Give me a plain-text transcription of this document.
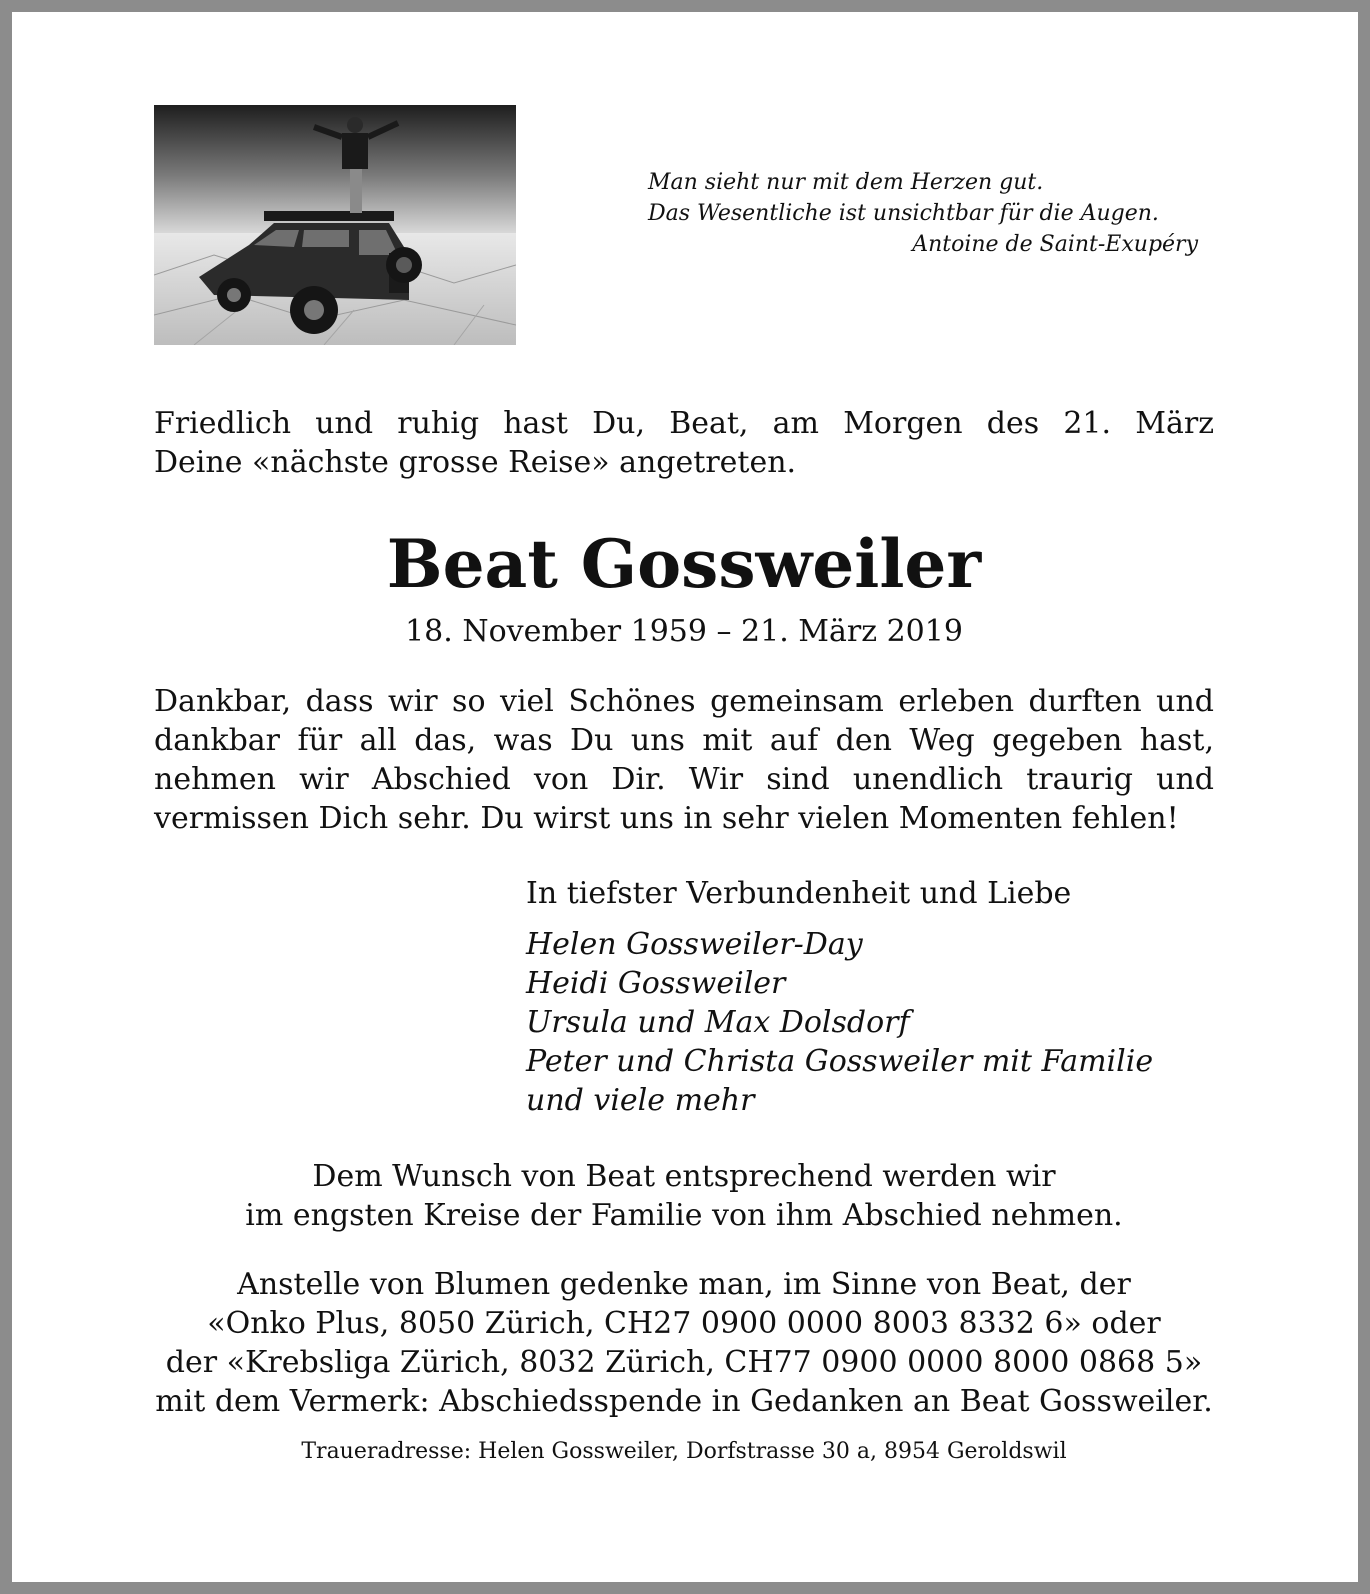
Man sieht nur mit dem Herzen gut.
Das Wesentliche ist unsichtbar für die Augen.
Antoine de Saint-Exupéry
Friedlich und ruhig hast Du, Beat, am Morgen des 21. März
Deine «nächste grosse Reise» angetreten.
Beat Gossweiler
18. November 1959 – 21. März 2019
Dankbar, dass wir so viel Schönes gemeinsam erleben durften und dankbar für all das, was Du uns mit auf den Weg gegeben hast, nehmen wir Abschied von Dir. Wir sind unendlich traurig und vermissen Dich sehr. Du wirst uns in sehr vielen Momenten fehlen!
In tiefster Verbundenheit und Liebe
Helen Gossweiler-Day
Heidi Gossweiler
Ursula und Max Dolsdorf
Peter und Christa Gossweiler mit Familie
und viele mehr
Dem Wunsch von Beat entsprechend werden wir
im engsten Kreise der Familie von ihm Abschied nehmen.
Anstelle von Blumen gedenke man, im Sinne von Beat, der
«Onko Plus, 8050 Zürich, CH27 0900 0000 8003 8332 6» oder
der «Krebsliga Zürich, 8032 Zürich, CH77 0900 0000 8000 0868 5»
mit dem Vermerk: Abschiedsspende in Gedanken an Beat Gossweiler.
Traueradresse: Helen Gossweiler, Dorfstrasse 30 a, 8954 Geroldswil
